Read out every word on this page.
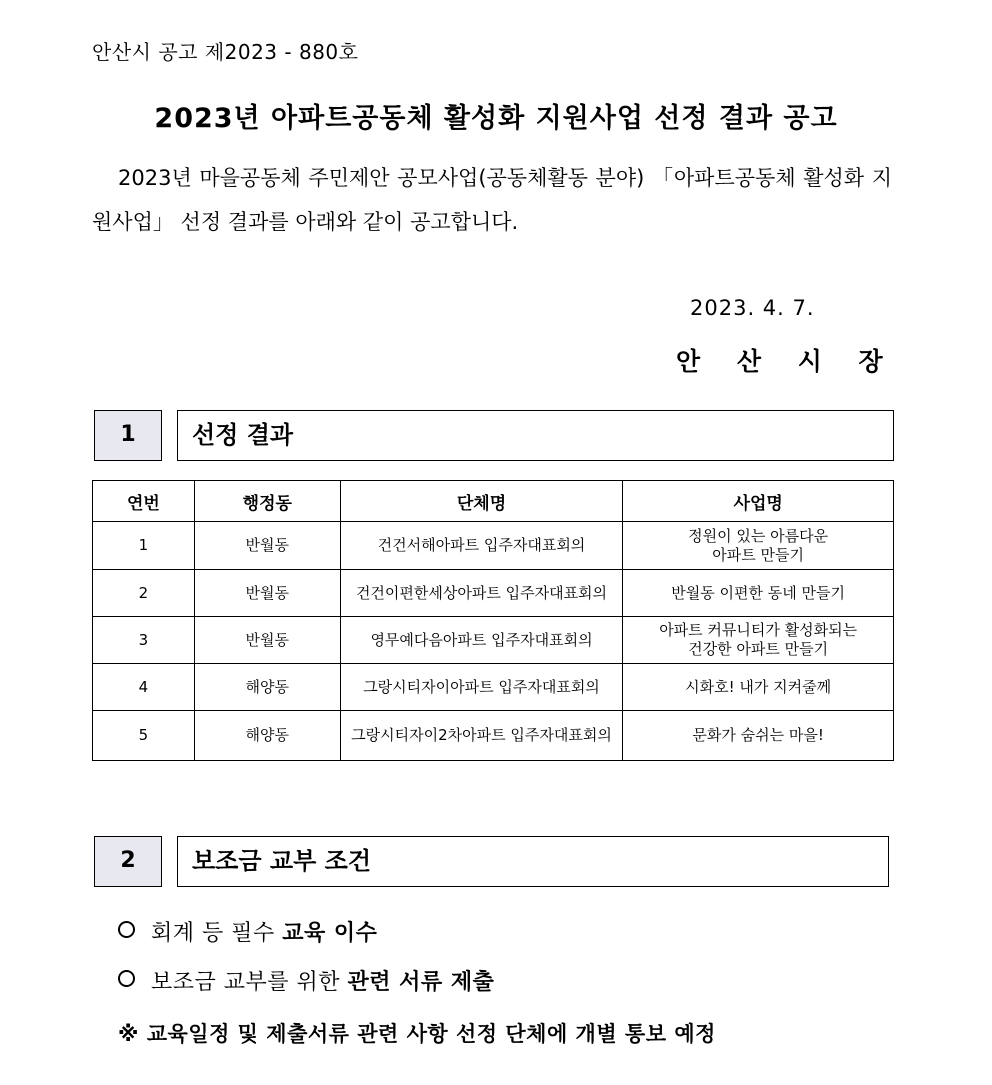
안산시 공고 제2023 - 880호
2023년 아파트공동체 활성화 지원사업 선정 결과 공고
2023년 마을공동체 주민제안 공모사업(공동체활동 분야) 「아파트공동체 활성화 지원사업」 선정 결과를 아래와 같이 공고합니다.
2023. 4. 7.
안 산 시 장
1	선정 결과
연번	행정동	단체명	사업명
1	반월동	건건서해아파트 입주자대표회의	정원이 있는 아름다운
아파트 만들기

2	반월동	건건이편한세상아파트 입주자대표회의	반월동 이편한 동네 만들기

3	반월동	영무예다음아파트 입주자대표회의	아파트 커뮤니티가 활성화되는
건강한 아파트 만들기

4	해양동	그랑시티자이아파트 입주자대표회의	시화호! 내가 지켜줄께

5	해양동	그랑시티자이2차아파트 입주자대표회의	문화가 숨쉬는 마을!
2	보조금 교부 조건
회계 등 필수 교육 이수
보조금 교부를 위한 관련 서류 제출
※ 교육일정 및 제출서류 관련 사항 선정 단체에 개별 통보 예정
